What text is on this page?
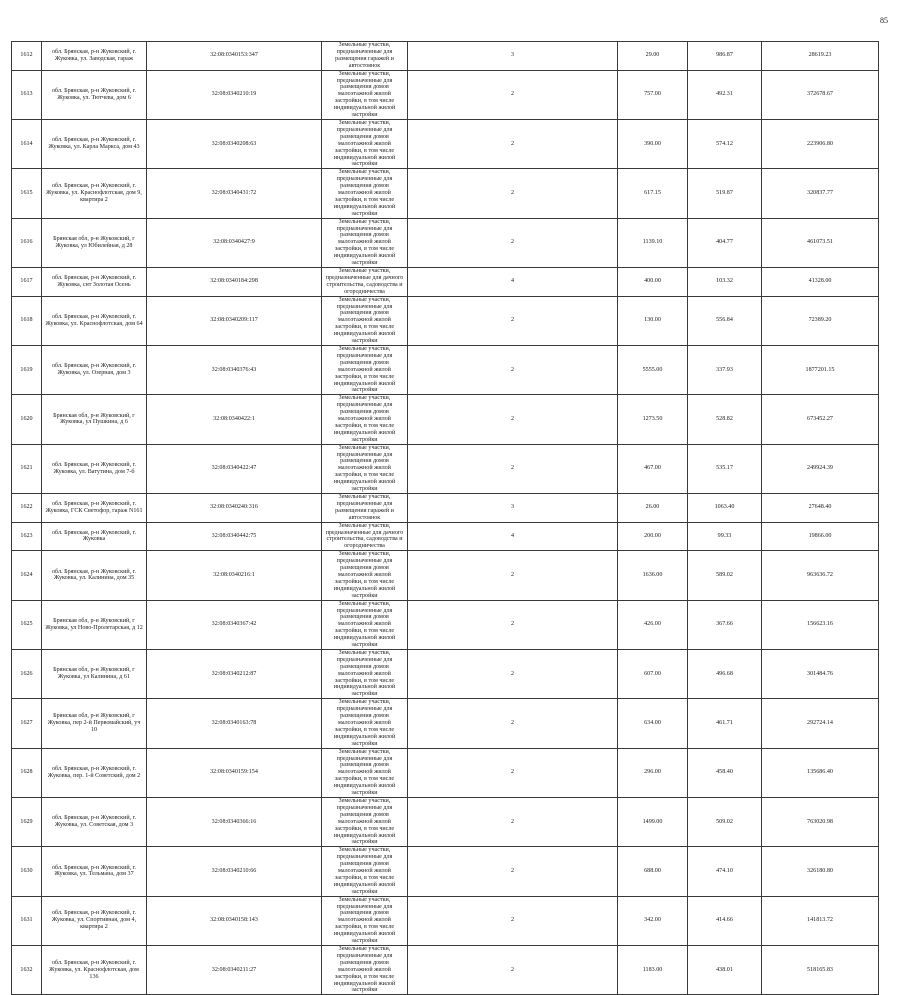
85
1612	обл. Брянская, р-н Жуковский, г. Жуковка, ул. Заводская, гараж	32:08:0340153:347	Земельные участки, предназначенные для размещения гаражей и автостоянок	3	29.00	986.87	28619.23
1613	обл. Брянская, р-н Жуковский, г. Жуковка, ул. Тютчева, дом 6	32:08:0340210:19	Земельные участки, предназначенные для размещения домов малоэтажной жилой застройки, в том числе индивидуальной жилой застройки	2	757.00	492.31	372678.67
1614	обл. Брянская, р-н Жуковский, г. Жуковка, ул. Карла Маркса, дом 43	32:08:0340208:63	Земельные участки, предназначенные для размещения домов малоэтажной жилой застройки, в том числе индивидуальной жилой застройки	2	390.00	574.12	223906.80
1615	обл. Брянская, р-н Жуковский, г. Жуковка, ул. Краснофлотская, дом 9, квартира 2	32:08:0340431:72	Земельные участки, предназначенные для размещения домов малоэтажной жилой застройки, в том числе индивидуальной жилой застройки	2	617.15	519.87	320837.77
1616	Брянская обл, р-н Жуковский, г Жуковка, ул Юбилейная, д 28	32:08:0340427:9	Земельные участки, предназначенные для размещения домов малоэтажной жилой застройки, в том числе индивидуальной жилой застройки	2	1139.10	404.77	461073.51
1617	обл. Брянская, р-н Жуковский, г. Жуковка, снт Золотая Осень	32:08:0340184:298	Земельные участки, предназначенные для дачного строительства, садоводства и огородничества	4	400.00	103.32	41328.00
1618	обл. Брянская, р-н Жуковский, г. Жуковка, ул. Краснофлотская, дом 64	32:08:0340209:117	Земельные участки, предназначенные для размещения домов малоэтажной жилой застройки, в том числе индивидуальной жилой застройки	2	130.00	556.84	72389.20
1619	обл. Брянская, р-н Жуковский, г. Жуковка, ул. Озерная, дом 3	32:08:0340376:43	Земельные участки, предназначенные для размещения домов малоэтажной жилой застройки, в том числе индивидуальной жилой застройки	2	5555.00	337.93	1877201.15
1620	Брянская обл, р-н Жуковский, г Жуковка, ул Пушкина, д 6	32:08:0340422:1	Земельные участки, предназначенные для размещения домов малоэтажной жилой застройки, в том числе индивидуальной жилой застройки	2	1273.50	528.82	673452.27
1621	обл. Брянская, р-н Жуковский, г. Жуковка, ул. Ватутина, дом 7-б	32:08:0340422:47	Земельные участки, предназначенные для размещения домов малоэтажной жилой застройки, в том числе индивидуальной жилой застройки	2	467.00	535.17	249924.39
1622	обл. Брянская, р-н Жуковский, г. Жуковка, ГСК Светофор, гараж N161	32:08:0340240:316	Земельные участки, предназначенные для размещения гаражей и автостоянок	3	26.00	1063.40	27648.40
1623	обл. Брянская, р-н Жуковский, г. Жуковка	32:08:0340442:75	Земельные участки, предназначенные для дачного строительства, садоводства и огородничества	4	200.00	99.33	19866.00
1624	обл. Брянская, р-н Жуковский, г. Жуковка, ул. Калинина, дом 35	32:08:0340216:1	Земельные участки, предназначенные для размещения домов малоэтажной жилой застройки, в том числе индивидуальной жилой застройки	2	1636.00	589.02	963636.72
1625	Брянская обл, р-н Жуковский, г Жуковка, ул Ново-Пролетарская, д 12	32:08:0340367:42	Земельные участки, предназначенные для размещения домов малоэтажной жилой застройки, в том числе индивидуальной жилой застройки	2	426.00	367.66	156623.16
1626	Брянская обл, р-н Жуковский, г Жуковка, ул Калинина, д 61	32:08:0340212:87	Земельные участки, предназначенные для размещения домов малоэтажной жилой застройки, в том числе индивидуальной жилой застройки	2	607.00	496.68	301484.76
1627	Брянская обл, р-н Жуковский, г Жуковка, пер 2-й Первомайский, уч 10	32:08:0340163:78	Земельные участки, предназначенные для размещения домов малоэтажной жилой застройки, в том числе индивидуальной жилой застройки	2	634.00	461.71	292724.14
1628	обл. Брянская, р-н Жуковский, г. Жуковка, пер. 1-й Советский, дом 2	32:08:0340159:154	Земельные участки, предназначенные для размещения домов малоэтажной жилой застройки, в том числе индивидуальной жилой застройки	2	296.00	458.40	135686.40
1629	обл. Брянская, р-н Жуковский, г. Жуковка, ул. Советская, дом 3	32:08:0340366:16	Земельные участки, предназначенные для размещения домов малоэтажной жилой застройки, в том числе индивидуальной жилой застройки	2	1499.00	509.02	763020.98
1630	обл. Брянская, р-н Жуковский, г. Жуковка, ул. Тельмана, дом 37	32:08:0340210:66	Земельные участки, предназначенные для размещения домов малоэтажной жилой застройки, в том числе индивидуальной жилой застройки	2	688.00	474.10	326180.80
1631	обл. Брянская, р-н Жуковский, г. Жуковка, ул. Спортивная, дом 4, квартира 2	32:08:0340158:143	Земельные участки, предназначенные для размещения домов малоэтажной жилой застройки, в том числе индивидуальной жилой застройки	2	342.00	414.66	141813.72
1632	обл. Брянская, р-н Жуковский, г. Жуковка, ул. Краснофлотская, дом 136	32:08:0340211:27	Земельные участки, предназначенные для размещения домов малоэтажной жилой застройки, в том числе индивидуальной жилой застройки	2	1183.00	438.01	518165.83
